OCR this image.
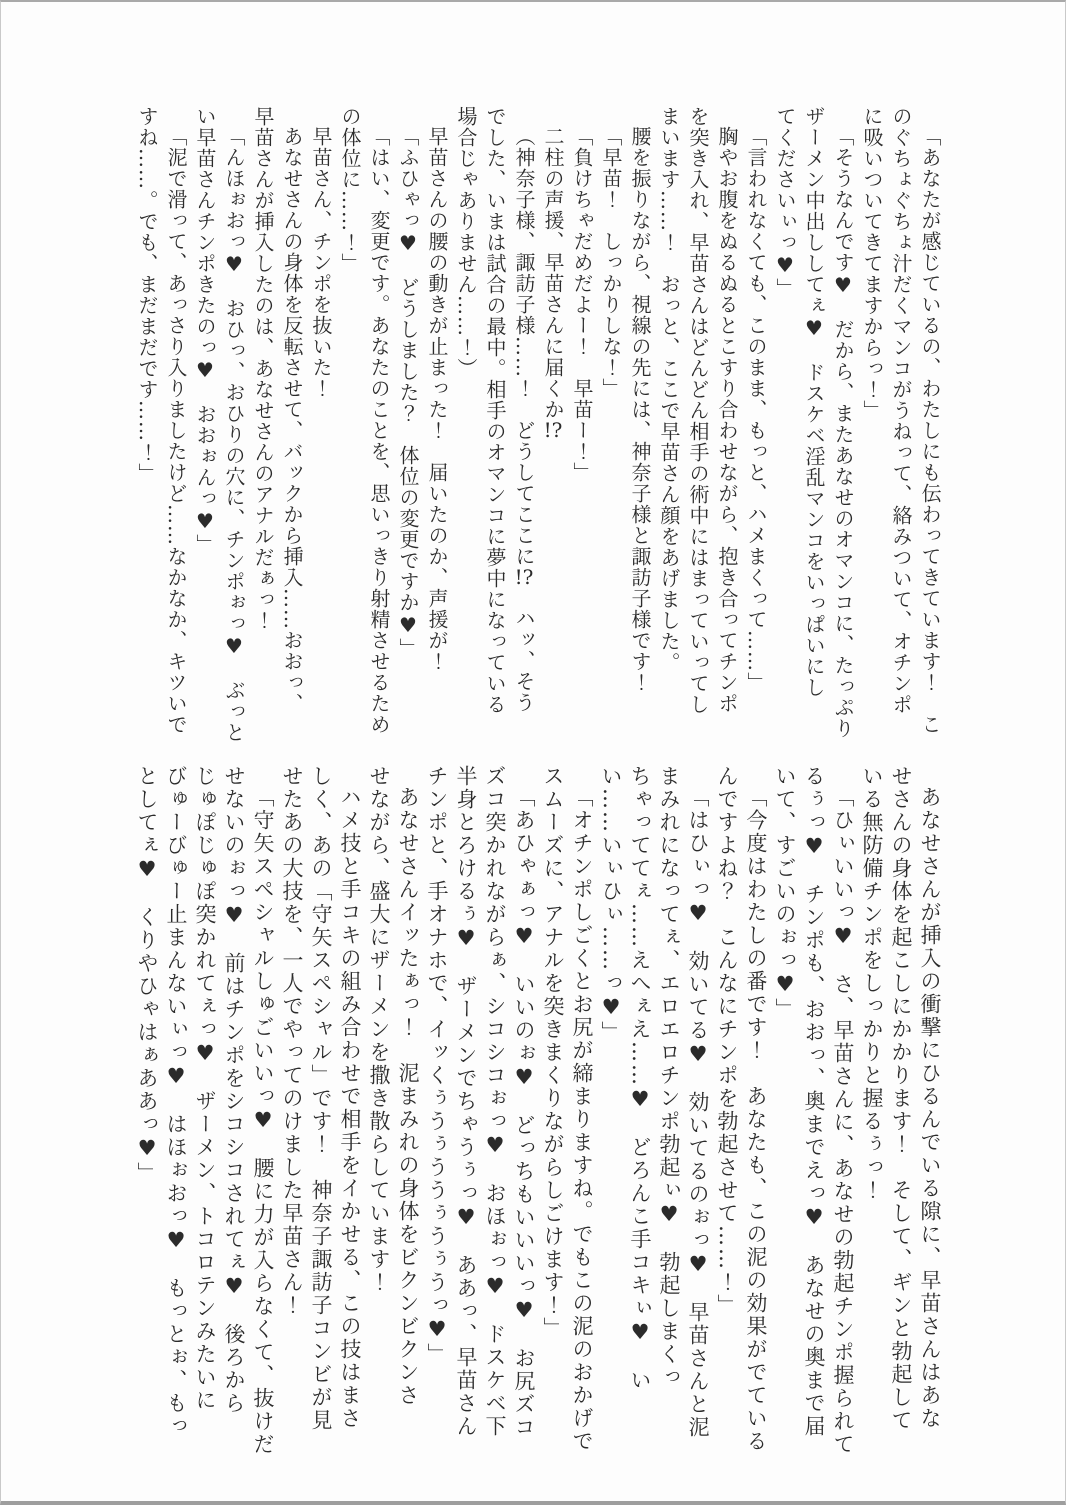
「あなたが感じているの、わたしにも伝わってきています！　こ
のぐちょぐちょ汁だくマンコがうねって、絡みついて、オチンポ
に吸いついてきてますからっ！」
「そうなんです♥　だから、またあなせのオマンコに、たっぷり
ザーメン中出ししてぇ♥　ドスケベ淫乱マンコをいっぱいにし
てくださいぃっ♥」
「言われなくても、このまま、もっと、ハメまくって……」
胸やお腹をぬるぬるとこすり合わせながら、抱き合ってチンポ
を突き入れ、早苗さんはどんどん相手の術中にはまっていってし
まいます……！　おっと、ここで早苗さん顔をあげました。
腰を振りながら、視線の先には、神奈子様と諏訪子様です！
「早苗！　しっかりしな！」
「負けちゃだめだよー！　早苗ー！」
二柱の声援、早苗さんに届くか!?
（神奈子様、諏訪子様……！　どうしてここに!?　ハッ、そう
でした、いまは試合の最中。相手のオマンコに夢中になっている
場合じゃありません……！）
早苗さんの腰の動きが止まった！　届いたのか、声援が！
「ふひゃっ♥　どうしました？　体位の変更ですか♥」
「はい、変更です。あなたのことを、思いっきり射精させるため
の体位に……！」
早苗さん、チンポを抜いた！
あなせさんの身体を反転させて、バックから挿入……おおっ、
早苗さんが挿入したのは、あなせさんのアナルだぁっ！
「んほぉおっ♥　おひっ、おひりの穴に、チンポぉっ♥　ぶっと
い早苗さんチンポきたのっ♥　おおぉんっ♥」
「泥で滑って、あっさり入りましたけど……なかなか、キツいで
すね……。でも、まだまだです……！」
あなせさんが挿入の衝撃にひるんでいる隙に、早苗さんはあな
せさんの身体を起こしにかかります！　そして、ギンと勃起して
いる無防備チンポをしっかりと握るぅっ！
「ひぃいいっ♥　さ、早苗さんに、あなせの勃起チンポ握られて
るぅっ♥　チンポも、おおっ、奥までえっ♥　あなせの奥まで届
いて、すごいのぉっ♥」
「今度はわたしの番です！　あなたも、この泥の効果がでている
んですよね？　こんなにチンポを勃起させて……！」
「はひぃっ♥　効いてる♥　効いてるのぉっ♥　早苗さんと泥
まみれになってぇ、エロエロチンポ勃起ぃ♥　勃起しまくっ
ちゃっててぇ……えへぇえ……♥　どろんこ手コキぃ♥　い
い……いぃひぃ……っ♥」
「オチンポしごくとお尻が締まりますね。でもこの泥のおかげで
スムーズに、アナルを突きまくりながらしごけます！」
「あひゃぁっ♥　いいのぉ♥　どっちもいいいっ♥　お尻ズコ
ズコ突かれながらぁ、シコシコぉっ♥　おほぉっ♥　ドスケベ下
半身とろけるぅ♥　ザーメンでちゃうぅっ♥　ああっ、早苗さん
チンポと、手オナホで、イッくぅうぅううぅうぅうっ♥」
あなせさんイッたぁっ！　泥まみれの身体をビクンビクンさ
せながら、盛大にザーメンを撒き散らしています！
ハメ技と手コキの組み合わせで相手をイかせる、この技はまさ
しく、あの「守矢スペシャル」です！　神奈子諏訪子コンビが見
せたあの大技を、一人でやってのけました早苗さん！
「守矢スペシャルしゅごいいっ♥　腰に力が入らなくて、抜けだ
せないのぉっ♥　前はチンポをシコシコされてぇ♥　後ろから
じゅぽじゅぽ突かれてぇっ♥　ザーメン、トコロテンみたいに
びゅーびゅー止まんないぃっ♥　はほぉおっ♥　もっとぉ、もっ
としてぇ♥　くりやひゃはぁああっ♥」
